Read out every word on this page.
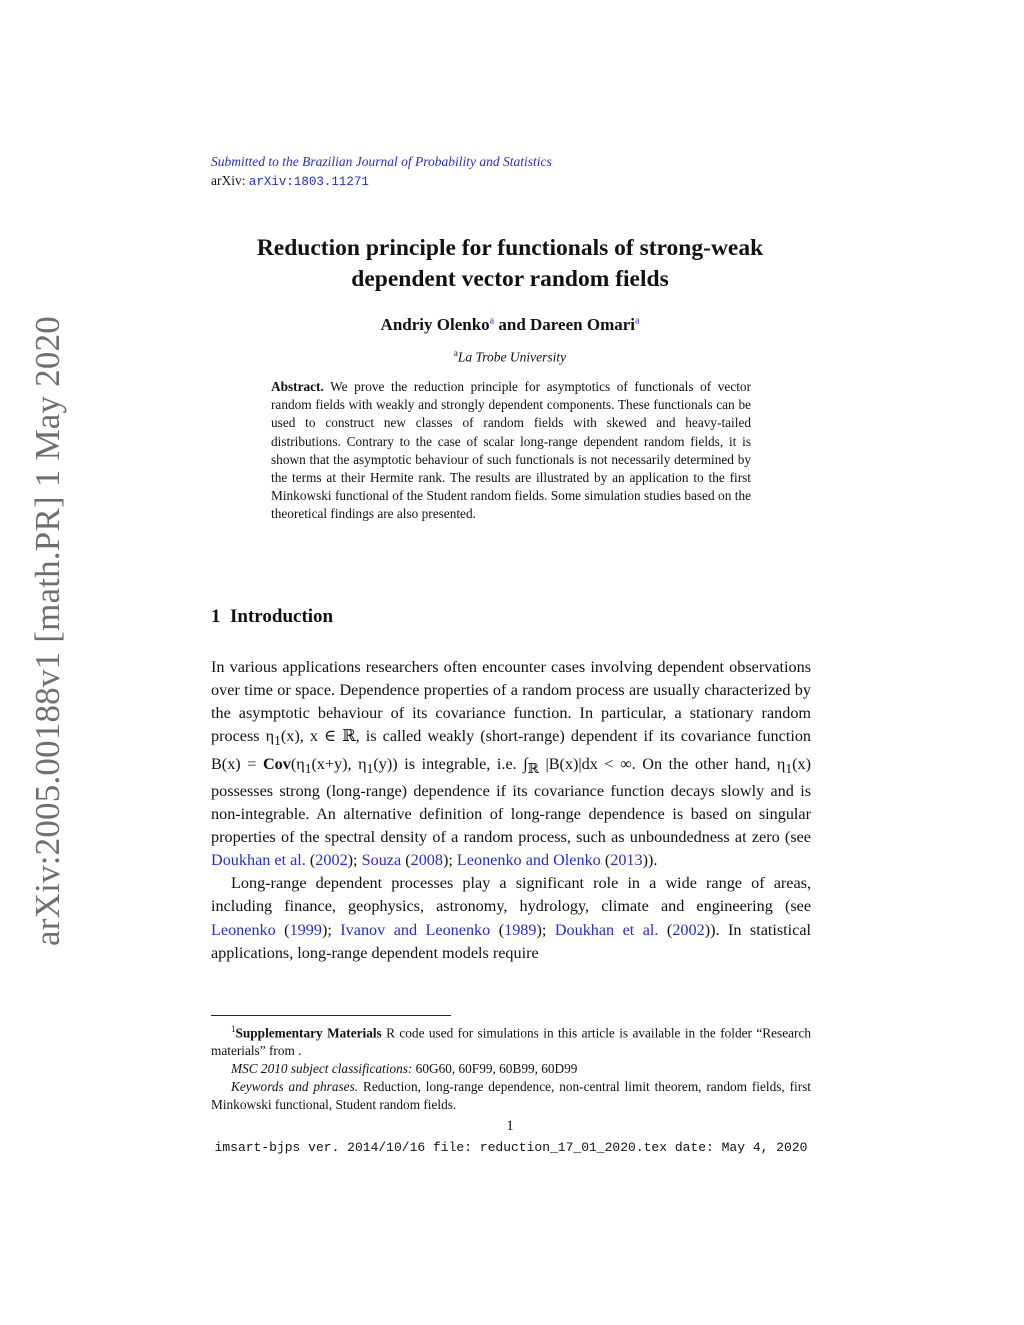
arXiv:2005.00188v1 [math.PR] 1 May 2020
Submitted to the Brazilian Journal of Probability and Statistics
arXiv: arXiv:1803.11271
Reduction principle for functionals of strong-weak
dependent vector random fields
Andriy Olenko$^a$ and Dareen Omari$^a$
$^a$La Trobe University
Abstract. We prove the reduction principle for asymptotics of functionals of vector random fields with weakly and strongly dependent components. These functionals can be used to construct new classes of random fields with skewed and heavy-tailed distributions. Contrary to the case of scalar long-range dependent random fields, it is shown that the asymptotic behaviour of such functionals is not necessarily determined by the terms at their Hermite rank. The results are illustrated by an application to the first Minkowski functional of the Student random fields. Some simulation studies based on the theoretical findings are also presented.
1 Introduction

In various applications researchers often encounter cases involving dependent observations over time or space. Dependence properties of a random process are usually characterized by the asymptotic behaviour of its covariance function. In particular, a stationary random process $\eta_1(x)$, x ∈ ℝ, is called weakly (short-range) dependent if its covariance function $B(x) = Cov(\eta_1(x+y)$, $\eta_1(y)$) is integrable, i.e. $\int_ℝ$ |B(x)|dx < ∞. On the other hand, $\eta_1(x)$ possesses strong (long-range) dependence if its covariance function decays slowly and is non-integrable. An alternative definition of long-range dependence is based on singular properties of the spectral density of a random process, such as unboundedness at zero (see Doukhan et al. (2002); Souza (2008); Leonenko and Olenko (2013)).

Long-range dependent processes play a significant role in a wide range of areas, including finance, geophysics, astronomy, hydrology, climate and engineering (see Leonenko (1999); Ivanov and Leonenko (1989); Doukhan et al. (2002)). In statistical applications, long-range dependent models require

$^1$Supplementary Materials R code used for simulations in this article is available in the folder “Research materials” from .

MSC 2010 subject classifications: 60G60, 60F99, 60B99, 60D99

Keywords and phrases. Reduction, long-range dependence, non-central limit theorem, random fields, first Minkowski functional, Student random fields.

1
imsart-bjps ver. 2014/10/16 file: reduction_17_01_2020.tex date: May 4, 2020
